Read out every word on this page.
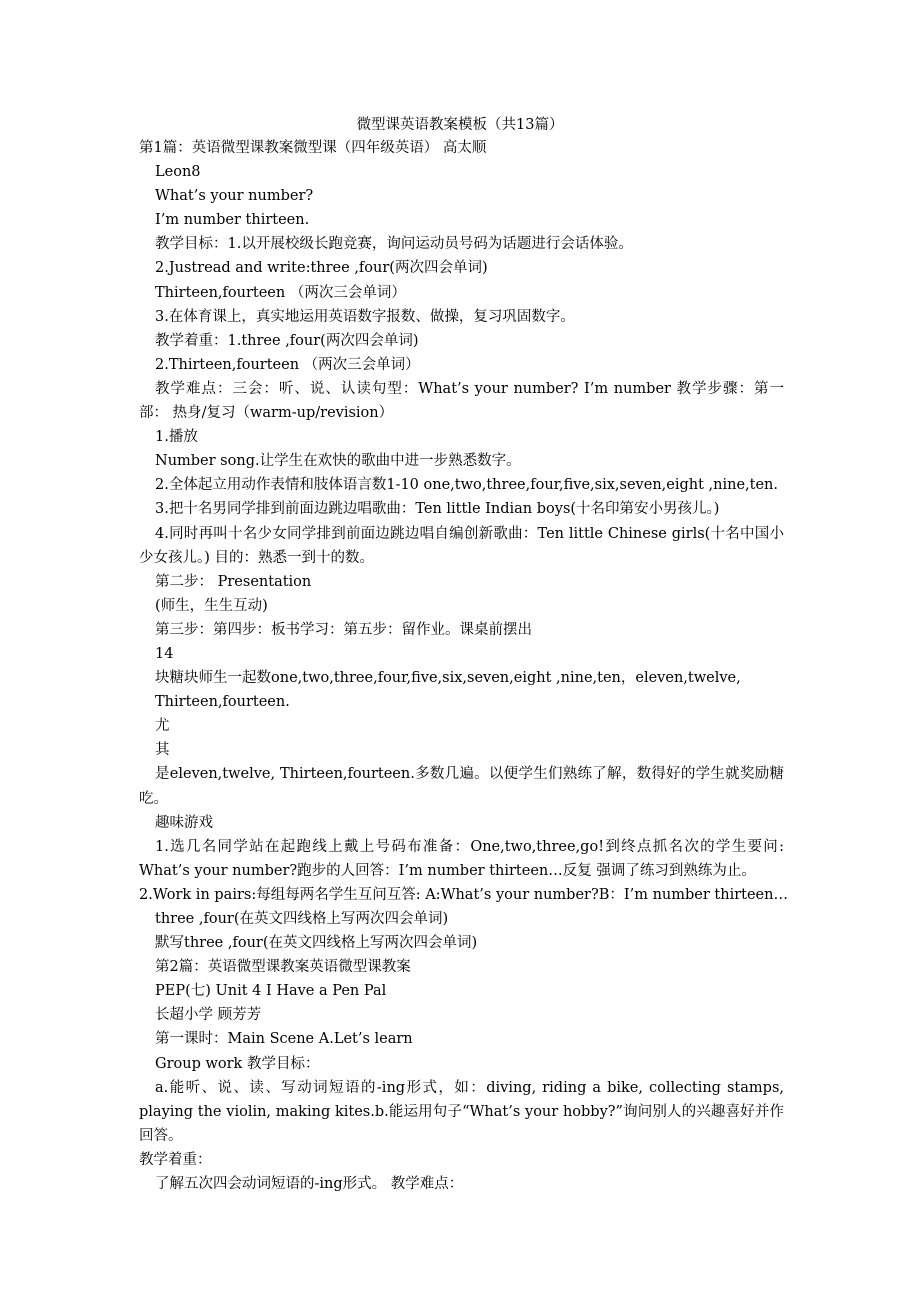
微型课英语教案模板（共13篇）
第1篇：英语微型课教案微型课（四年级英语） 高太顺
Leon8
What’s your number?
I’m number thirteen.
教学目标：1.以开展校级长跑竞赛，询问运动员号码为话题进行会话体验。
2.Justread and write:three ,four(两次四会单词)
Thirteen,fourteen （两次三会单词）
3.在体育课上，真实地运用英语数字报数、做操，复习巩固数字。
教学着重：1.three ,four(两次四会单词)
2.Thirteen,fourteen （两次三会单词）
教学难点：三会：听、说、认读句型：What’s your number? I’m number 教学步骤：第一部： 热身/复习（warm-up/revision）
1.播放
Number song.让学生在欢快的歌曲中进一步熟悉数字。
2.全体起立用动作表情和肢体语言数1-10 one,two,three,four,five,six,seven,eight ,nine,ten.
3.把十名男同学排到前面边跳边唱歌曲：Ten little Indian boys(十名印第安小男孩儿。)
4.同时再叫十名少女同学排到前面边跳边唱自编创新歌曲：Ten little Chinese girls(十名中国小少女孩儿。) 目的：熟悉一到十的数。
第二步： Presentation
(师生，生生互动)
第三步：第四步：板书学习：第五步：留作业。课桌前摆出
14
块糖块师生一起数one,two,three,four,five,six,seven,eight ,nine,ten，eleven,twelve,
Thirteen,fourteen.
尤
其
是eleven,twelve, Thirteen,fourteen.多数几遍。以便学生们熟练了解，数得好的学生就奖励糖吃。
趣味游戏
1.选几名同学站在起跑线上戴上号码布准备：One,two,three,go!到终点抓名次的学生要问: What’s your number?跑步的人回答：I’m number thirteen…反复 强调了练习到熟练为止。
2.Work in pairs:每组每两名学生互问互答: A:What’s your number?B：I’m number thirteen…
three ,four(在英文四线格上写两次四会单词)
默写three ,four(在英文四线格上写两次四会单词)
第2篇：英语微型课教案英语微型课教案
PEP(七) Unit 4 I Have a Pen Pal
长超小学 顾芳芳
第一课时：Main Scene A.Let’s learn
Group work 教学目标：
a.能听、说、读、写动词短语的-ing形式，如：diving, riding a bike, collecting stamps, playing the violin, making kites.b.能运用句子“What’s your hobby?”询问别人的兴趣喜好并作回答。
教学着重：
了解五次四会动词短语的-ing形式。 教学难点：
